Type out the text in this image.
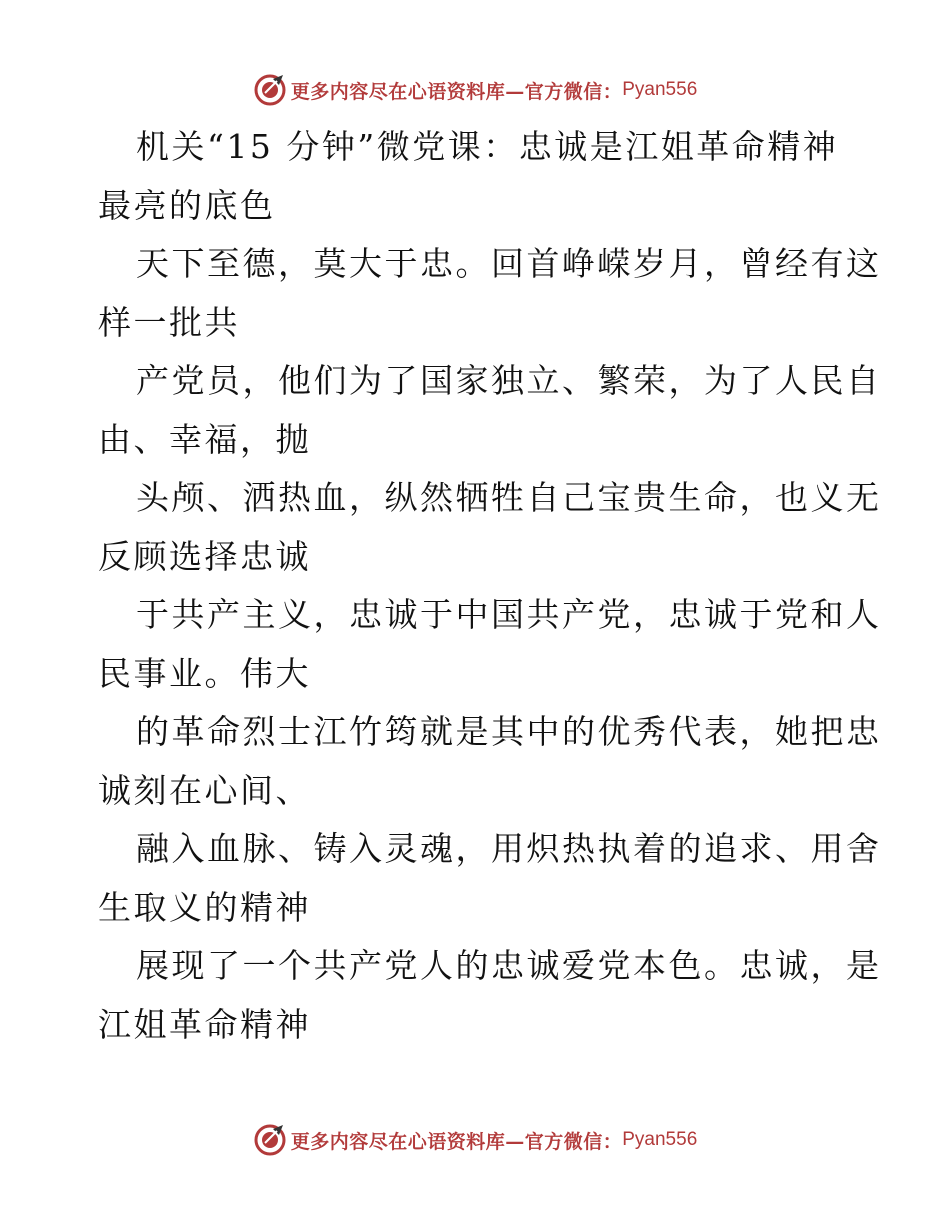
更多内容尽在心语资料库—官方微信： Pyan556

机关“15 分钟”微党课：忠诚是江姐革命精神
最亮的底色

天下至德，莫大于忠。回首峥嵘岁月，曾经有这
样一批共

产党员，他们为了国家独立、繁荣，为了人民自
由、幸福，抛

头颅、洒热血，纵然牺牲自己宝贵生命，也义无
反顾选择忠诚

于共产主义，忠诚于中国共产党，忠诚于党和人
民事业。伟大

的革命烈士江竹筠就是其中的优秀代表，她把忠
诚刻在心间、

融入血脉、铸入灵魂，用炽热执着的追求、用舍
生取义的精神

展现了一个共产党人的忠诚爱党本色。忠诚，是
江姐革命精神

更多内容尽在心语资料库—官方微信： Pyan556
